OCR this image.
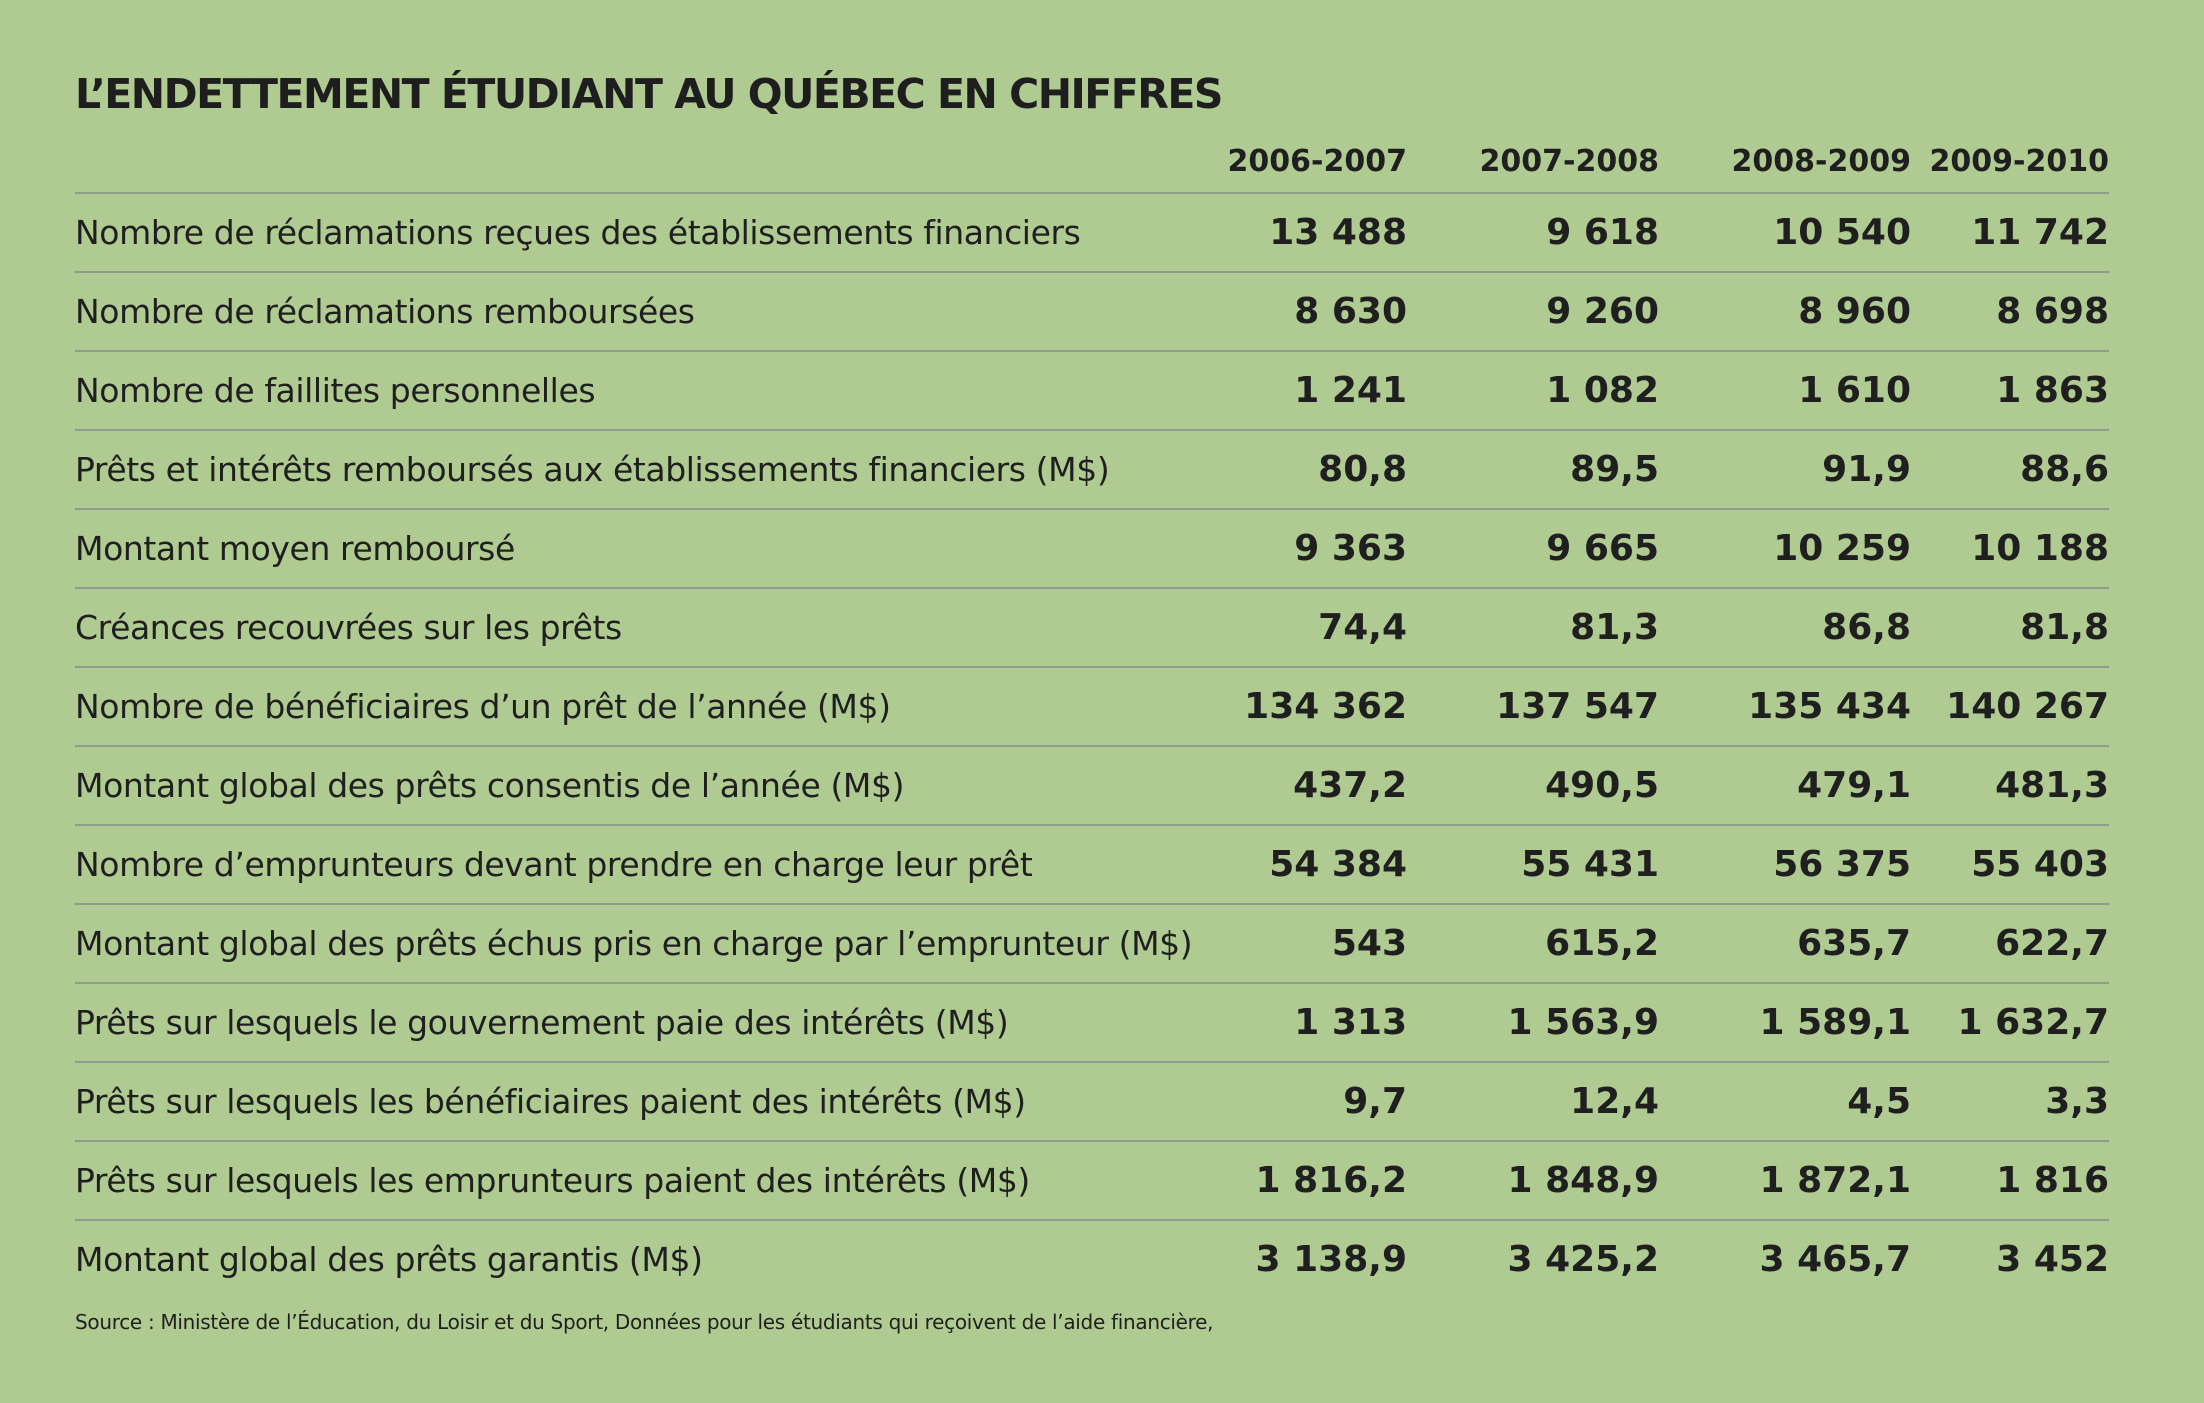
L’ENDETTEMENT ÉTUDIANT AU QUÉBEC EN CHIFFRES
	2006-2007	2007-2008	2008-2009	2009-2010
Nombre de réclamations reçues des établissements financiers	13 488	9 618	10 540	11 742
Nombre de réclamations remboursées	8 630	9 260	8 960	8 698
Nombre de faillites personnelles	1 241	1 082	1 610	1 863
Prêts et intérêts remboursés aux établissements financiers (M$)	80,8	89,5	91,9	88,6
Montant moyen remboursé	9 363	9 665	10 259	10 188
Créances recouvrées sur les prêts	74,4	81,3	86,8	81,8
Nombre de bénéficiaires d’un prêt de l’année (M$)	134 362	137 547	135 434	140 267
Montant global des prêts consentis de l’année (M$)	437,2	490,5	479,1	481,3
Nombre d’emprunteurs devant prendre en charge leur prêt	54 384	55 431	56 375	55 403
Montant global des prêts échus pris en charge par l’emprunteur (M$)	543	615,2	635,7	622,7
Prêts sur lesquels le gouvernement paie des intérêts (M$)	1 313	1 563,9	1 589,1	1 632,7
Prêts sur lesquels les bénéficiaires paient des intérêts (M$)	9,7	12,4	4,5	3,3
Prêts sur lesquels les emprunteurs paient des intérêts (M$)	1 816,2	1 848,9	1 872,1	1 816
Montant global des prêts garantis (M$)	3 138,9	3 425,2	3 465,7	3 452
Source : Ministère de l’Éducation, du Loisir et du Sport, Données pour les étudiants qui reçoivent de l’aide financière,
